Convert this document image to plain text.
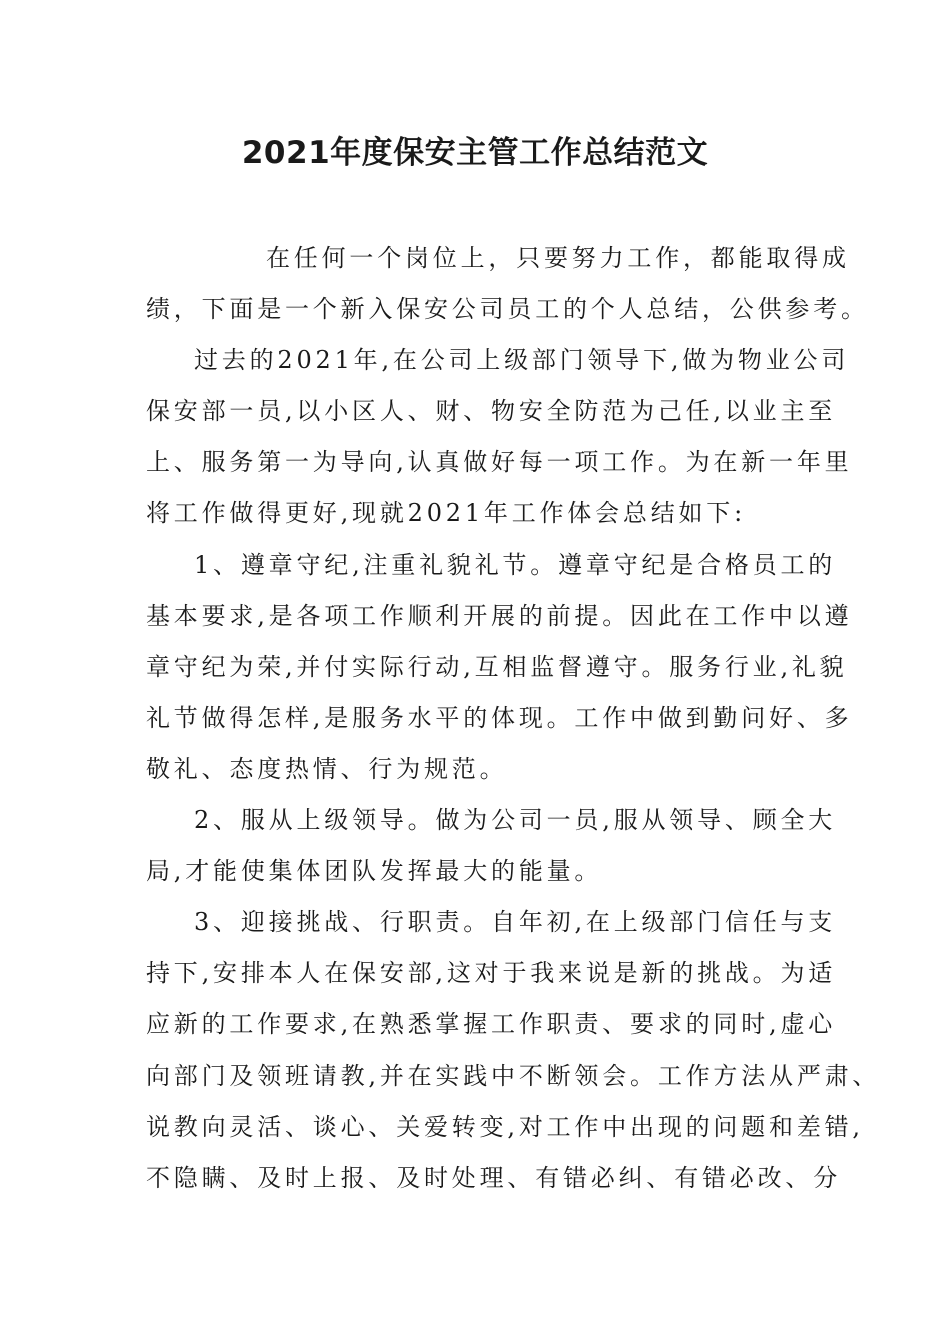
2021年度保安主管工作总结范文

在任何一个岗位上，只要努力工作，都能取得成
绩，下面是一个新入保安公司员工的个人总结，公供参考。

过去的2021年,在公司上级部门领导下,做为物业公司
保安部一员,以小区人、财、物安全防范为己任,以业主至
上、服务第一为导向,认真做好每一项工作。为在新一年里
将工作做得更好,现就2021年工作体会总结如下:

1、遵章守纪,注重礼貌礼节。遵章守纪是合格员工的
基本要求,是各项工作顺利开展的前提。因此在工作中以遵
章守纪为荣,并付实际行动,互相监督遵守。服务行业,礼貌
礼节做得怎样,是服务水平的体现。工作中做到勤问好、多
敬礼、态度热情、行为规范。

2、服从上级领导。做为公司一员,服从领导、顾全大
局,才能使集体团队发挥最大的能量。

3、迎接挑战、行职责。自年初,在上级部门信任与支
持下,安排本人在保安部,这对于我来说是新的挑战。为适
应新的工作要求,在熟悉掌握工作职责、要求的同时,虚心
向部门及领班请教,并在实践中不断领会。工作方法从严肃、
说教向灵活、谈心、关爱转变,对工作中出现的问题和差错,
不隐瞒、及时上报、及时处理、有错必纠、有错必改、分
